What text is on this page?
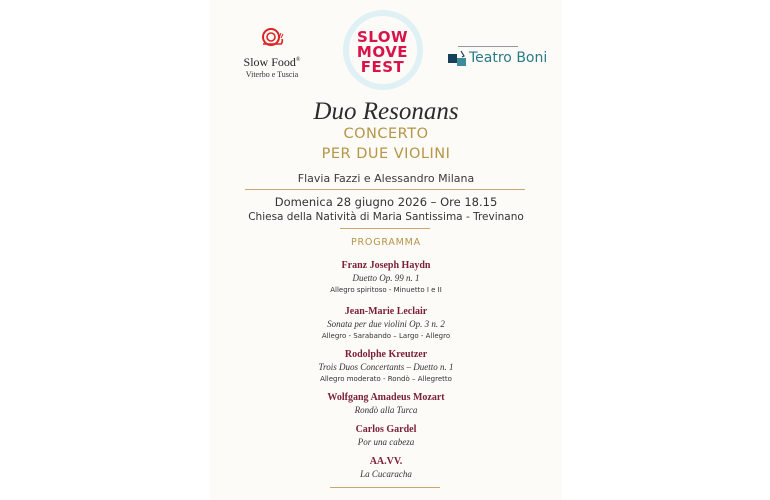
Slow Food®
Viterbo e Tuscia
SLOW
MOVE
FEST	Teatro Boni
Duo Resonans
CONCERTO
PER DUE VIOLINI
Flavia Fazzi e Alessandro Milana
Domenica 28 giugno 2026 – Ore 18.15
Chiesa della Natività di Maria Santissima - Trevinano
PROGRAMMA
Franz Joseph Haydn
Duetto Op. 99 n. 1
Allegro spiritoso - Minuetto I e II
Jean-Marie Leclair
Sonata per due violini Op. 3 n. 2
Allegro - Sarabando – Largo - Allegro
Rodolphe Kreutzer
Trois Duos Concertants – Duetto n. 1
Allegro moderato - Rondò – Allegretto
Wolfgang Amadeus Mozart
Rondò alla Turca
Carlos Gardel
Por una cabeza
AA.VV.
La Cucaracha
